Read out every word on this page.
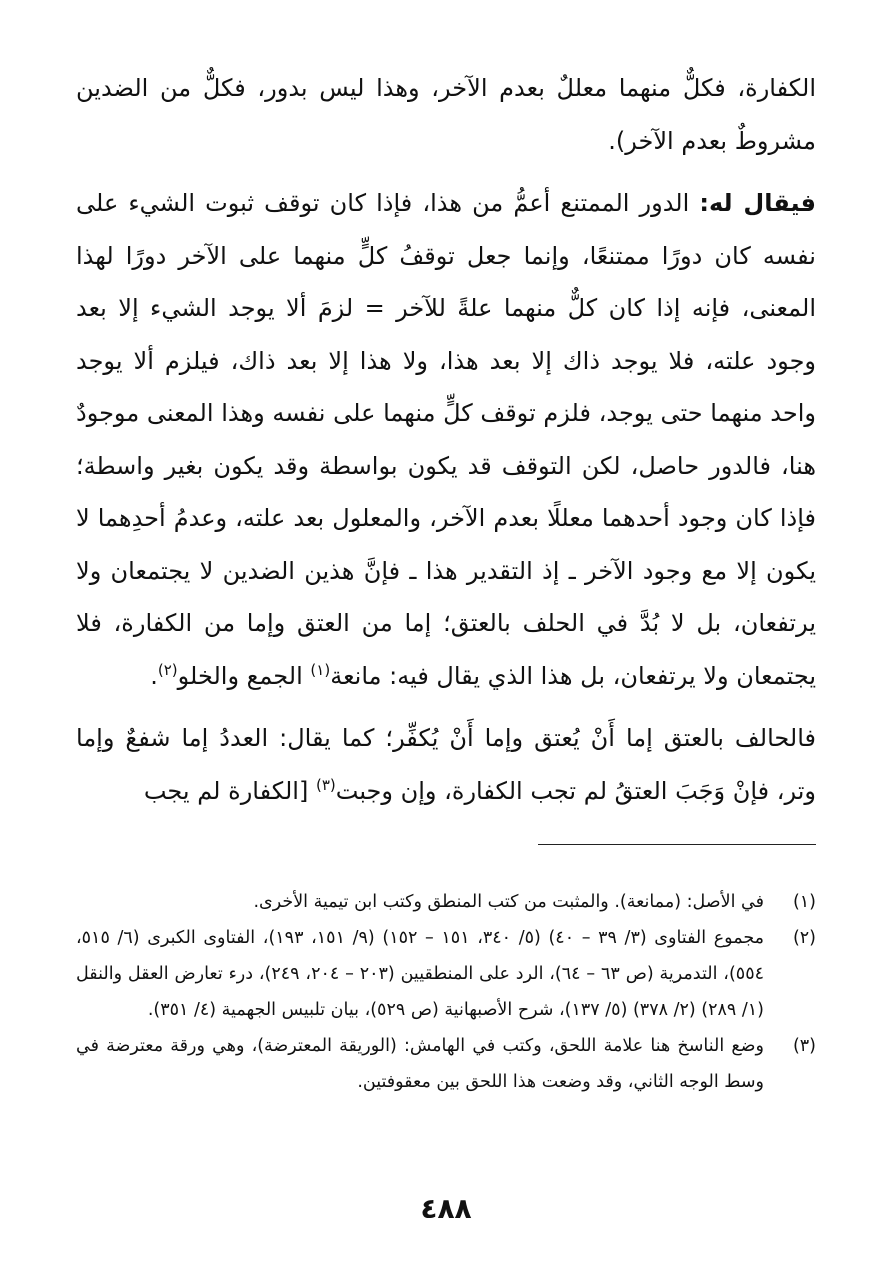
الكفارة، فكلٌّ منهما معللٌ بعدم الآخر، وهذا ليس بدور، فكلٌّ من الضدين مشروطٌ بعدم الآخر).

فيقال له: الدور الممتنع أعمُّ من هذا، فإذا كان توقف ثبوت الشيء على نفسه كان دورًا ممتنعًا، وإنما جعل توقفُ كلٍّ منهما على الآخر دورًا لهذا المعنى، فإنه إذا كان كلٌّ منهما علةً للآخر = لزمَ ألا يوجد الشيء إلا بعد وجود علته، فلا يوجد ذاك إلا بعد هذا، ولا هذا إلا بعد ذاك، فيلزم ألا يوجد واحد منهما حتى يوجد، فلزم توقف كلٍّ منهما على نفسه وهذا المعنى موجودٌ هنا، فالدور حاصل، لكن التوقف قد يكون بواسطة وقد يكون بغير واسطة؛ فإذا كان وجود أحدهما معللًا بعدم الآخر، والمعلول بعد علته، وعدمُ أحدِهما لا يكون إلا مع وجود الآخر ـ إذ التقدير هذا ـ فإنَّ هذين الضدين لا يجتمعان ولا يرتفعان، بل لا بُدَّ في الحلف بالعتق؛ إما من العتق وإما من الكفارة، فلا يجتمعان ولا يرتفعان، بل هذا الذي يقال فيه: مانعة$^{(١)}$ الجمع والخلو$^{(٢)}$.

فالحالف بالعتق إما أَنْ يُعتق وإما أَنْ يُكفِّر؛ كما يقال: العددُ إما شفعٌ وإما وتر، فإنْ وَجَبَ العتقُ لم تجب الكفارة، وإن وجبت$^{(٣)}$ [الكفارة لم يجب

(١)
في الأصل: (ممانعة). والمثبت من كتب المنطق وكتب ابن تيمية الأخرى.
(٢)
مجموع الفتاوى (٣/ ٣٩ – ٤٠) (٥/ ٣٤٠، ١٥١ – ١٥٢) (٩/ ١٥١، ١٩٣)، الفتاوى الكبرى (٦/ ٥١٥، ٥٥٤)، التدمرية (ص ٦٣ – ٦٤)، الرد على المنطقيين (٢٠٣ – ٢٠٤، ٢٤٩)، درء تعارض العقل والنقل (١/ ٢٨٩) (٢/ ٣٧٨) (٥/ ١٣٧)، شرح الأصبهانية (ص ٥٢٩)، بيان تلبيس الجهمية (٤/ ٣٥١).
(٣)
وضع الناسخ هنا علامة اللحق، وكتب في الهامش: (الوريقة المعترضة)، وهي ورقة معترضة في وسط الوجه الثاني، وقد وضعت هذا اللحق بين معقوفتين.
٤٨٨
